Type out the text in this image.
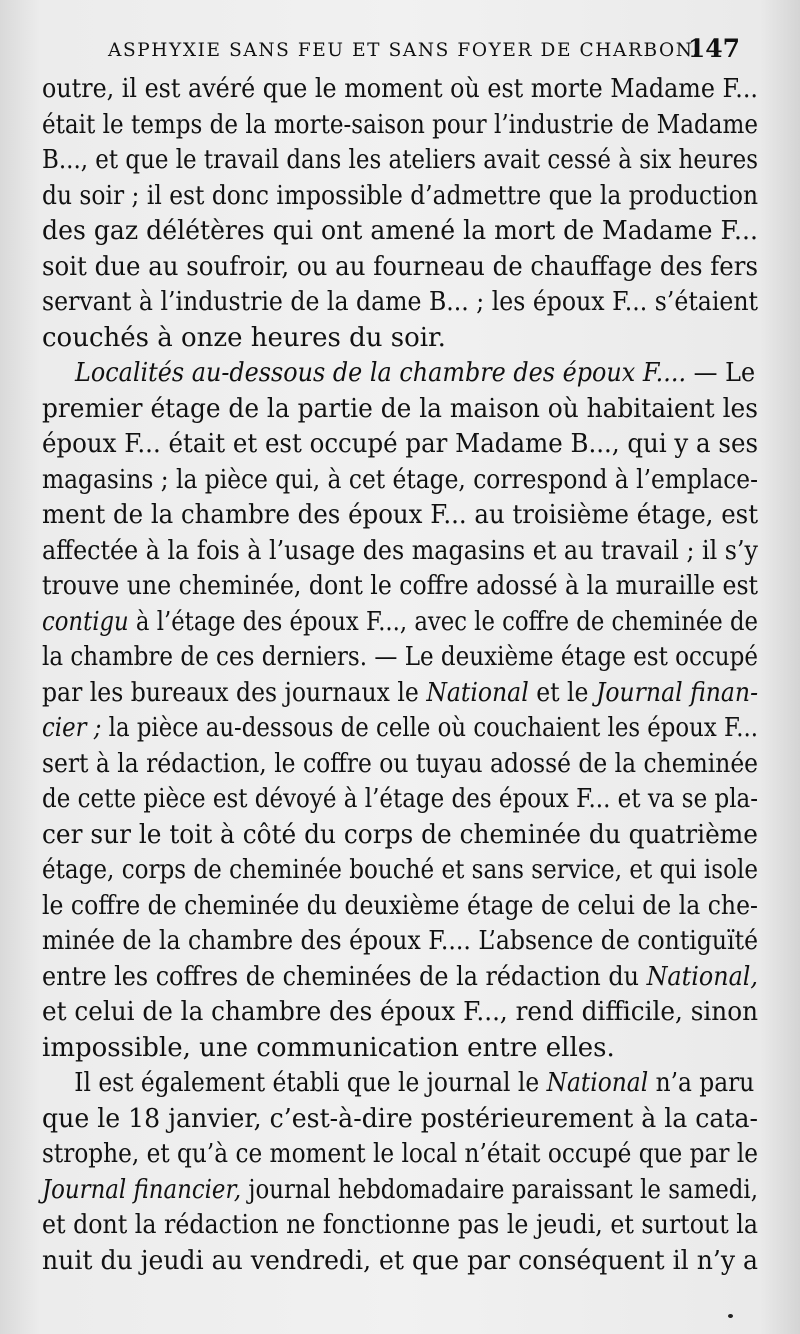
ASPHYXIE SANS FEU ET SANS FOYER DE CHARBON.
147
outre, il est avéré que le moment où est morte Madame F...
était le temps de la morte-saison pour l’industrie de Madame
B..., et que le travail dans les ateliers avait cessé à six heures
du soir ; il est donc impossible d’admettre que la production
des gaz délétères qui ont amené la mort de Madame F...
soit due au soufroir, ou au fourneau de chauffage des fers
servant à l’industrie de la dame B... ; les époux F... s’étaient
couchés à onze heures du soir.
Localités au-dessous de la chambre des époux F.... — Le
premier étage de la partie de la maison où habitaient les
époux F... était et est occupé par Madame B..., qui y a ses
magasins ; la pièce qui, à cet étage, correspond à l’emplace-
ment de la chambre des époux F... au troisième étage, est
affectée à la fois à l’usage des magasins et au travail ; il s’y
trouve une cheminée, dont le coffre adossé à la muraille est
contigu à l’étage des époux F..., avec le coffre de cheminée de
la chambre de ces derniers. — Le deuxième étage est occupé
par les bureaux des journaux le National et le Journal finan-
cier ; la pièce au-dessous de celle où couchaient les époux F...
sert à la rédaction, le coffre ou tuyau adossé de la cheminée
de cette pièce est dévoyé à l’étage des époux F... et va se pla-
cer sur le toit à côté du corps de cheminée du quatrième
étage, corps de cheminée bouché et sans service, et qui isole
le coffre de cheminée du deuxième étage de celui de la che-
minée de la chambre des époux F.... L’absence de contiguïté
entre les coffres de cheminées de la rédaction du National,
et celui de la chambre des époux F..., rend difficile, sinon
impossible, une communication entre elles.
Il est également établi que le journal le National n’a paru
que le 18 janvier, c’est-à-dire postérieurement à la cata-
strophe, et qu’à ce moment le local n’était occupé que par le
Journal financier, journal hebdomadaire paraissant le samedi,
et dont la rédaction ne fonctionne pas le jeudi, et surtout la
nuit du jeudi au vendredi, et que par conséquent il n’y a
